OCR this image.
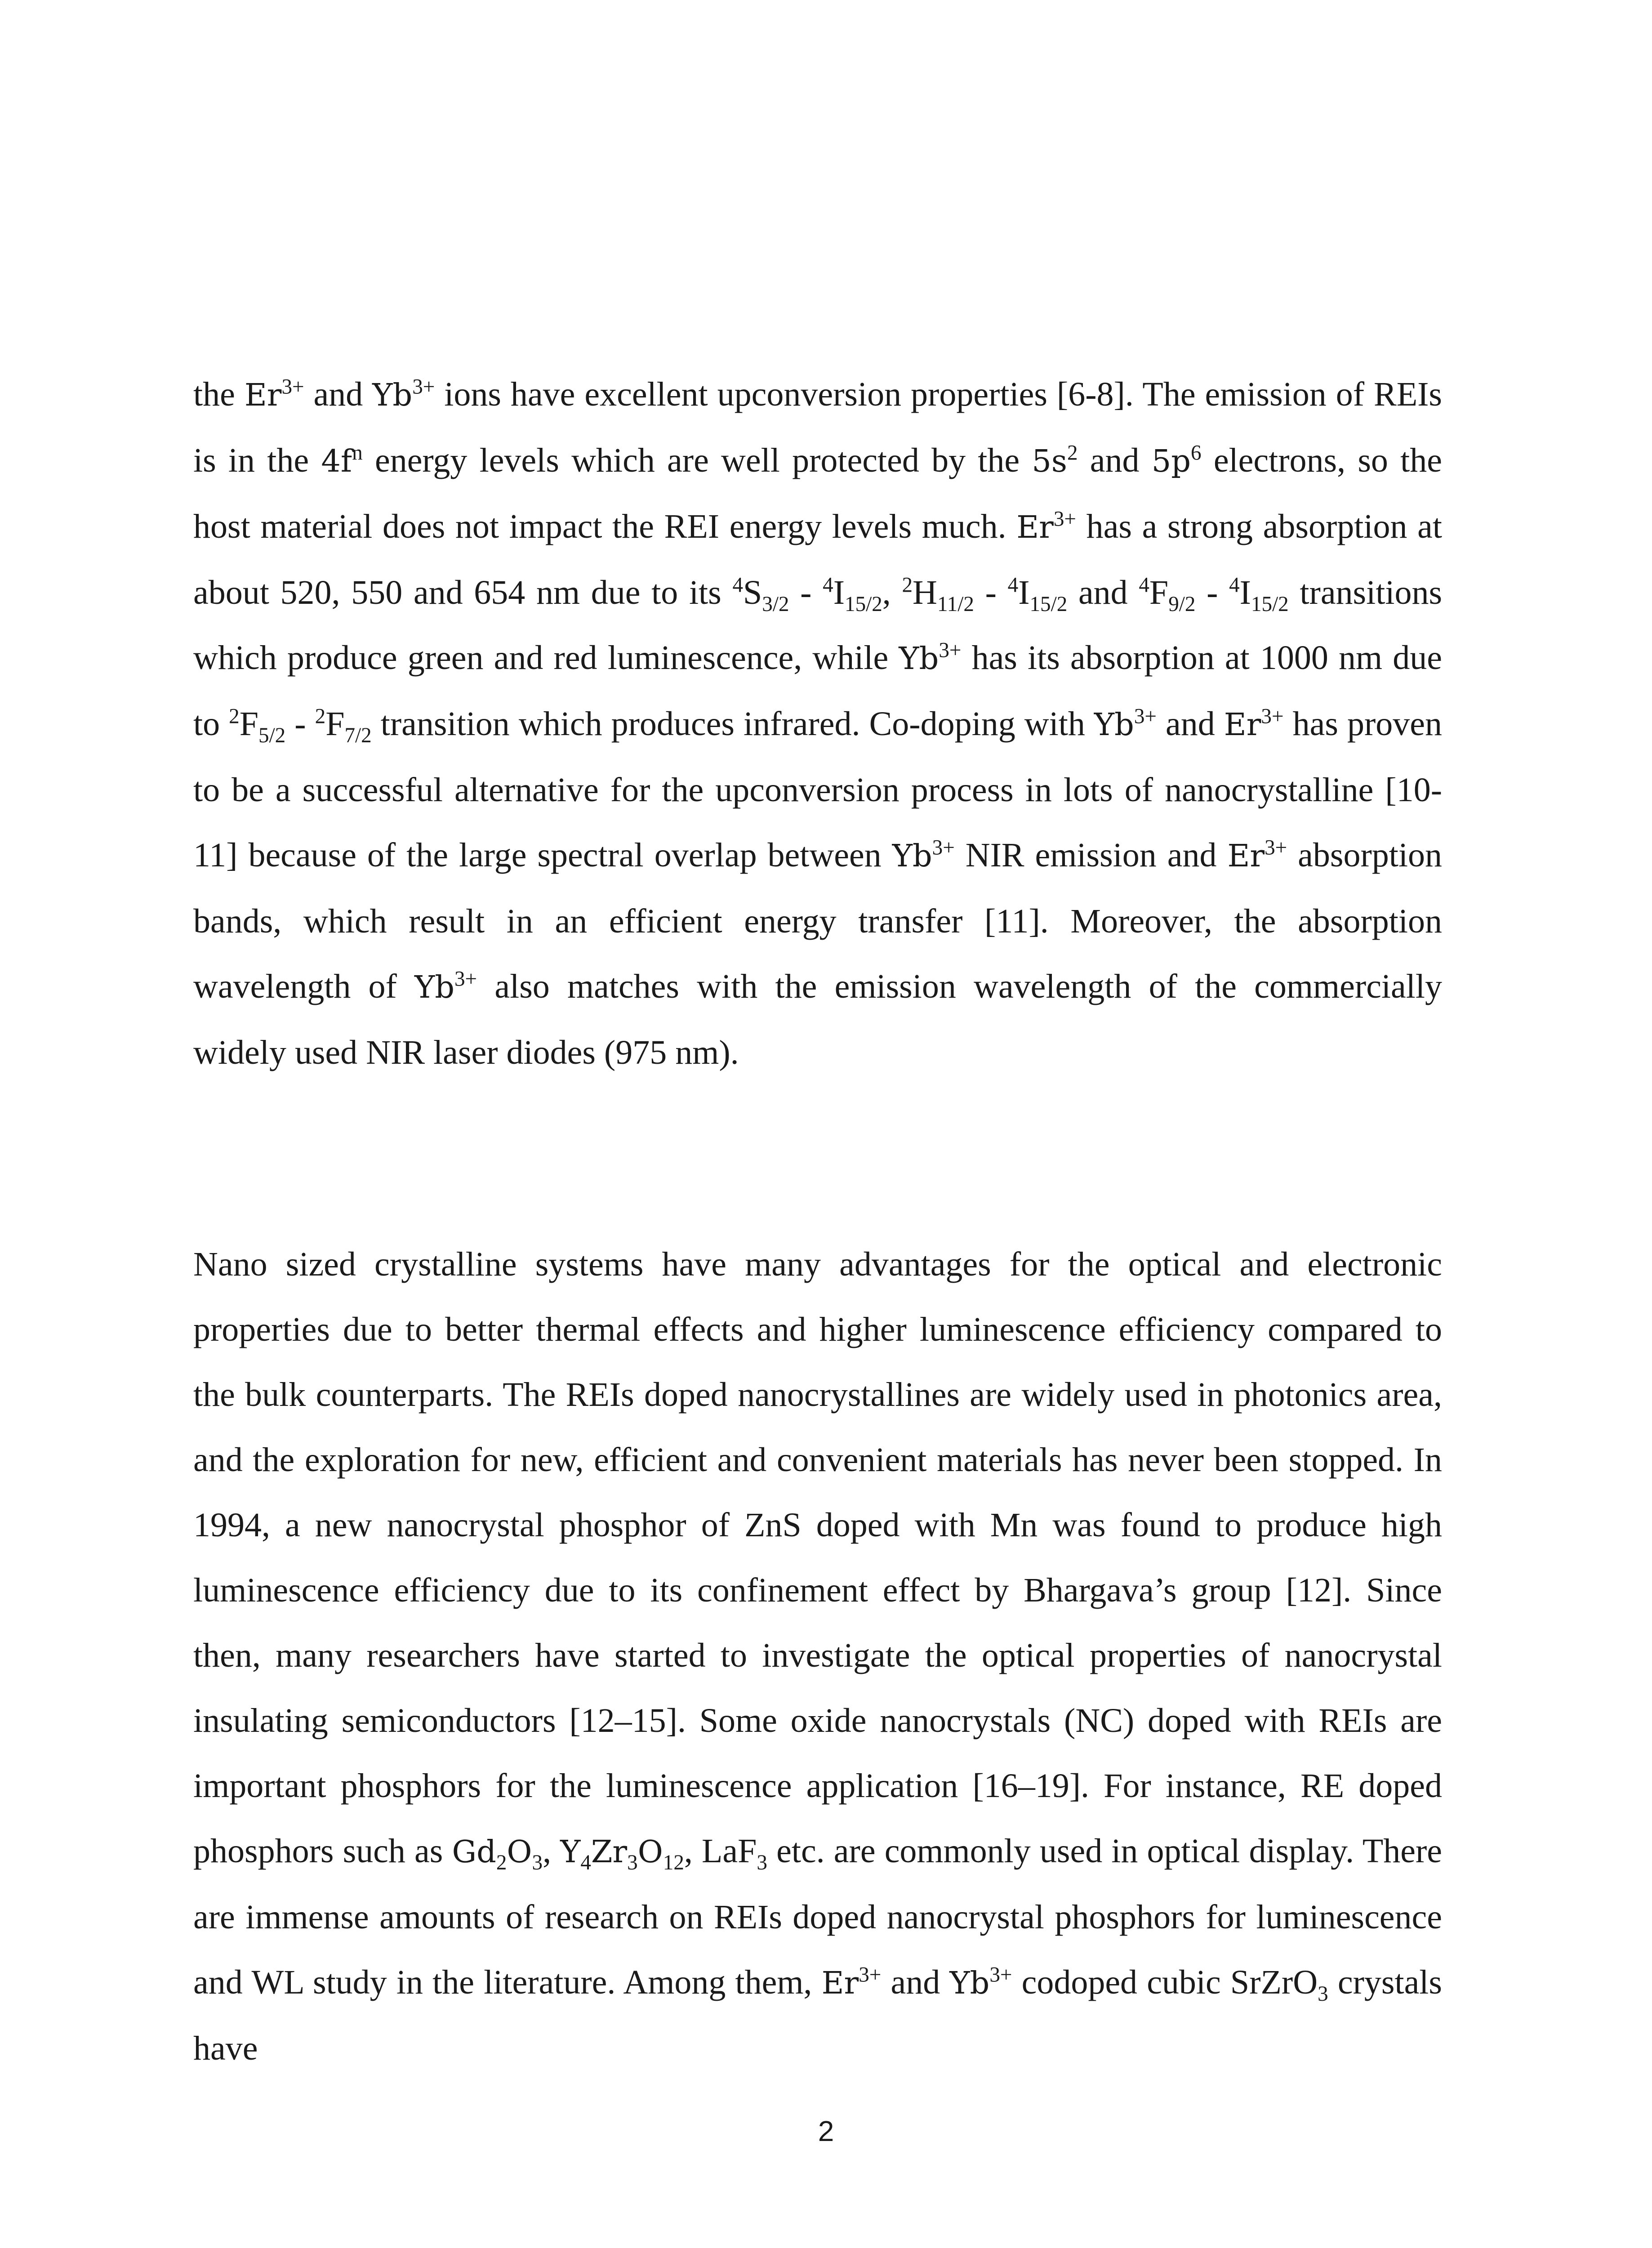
the $Er^{3+}$ and $Yb^{3+}$ ions have excellent upconversion properties [6-8]. The emission of REIs is in the $4f^n$ energy levels which are well protected by the $5s^2$ and $5p^6$ electrons, so the host material does not impact the REI energy levels much. $Er^{3+}$ has a strong absorption at about 520, 550 and 654 nm due to its $^4S_{3/2} - ^4I_{15/2}$, $^2H_{11/2} - ^4I_{15/2}$ and $^4F_{9/2} - ^4I_{15/2}$ transitions which produce green and red luminescence, while $Yb^{3+}$ has its absorption at 1000 nm due to $^2F_{5/2} - ^2F_{7/2}$ transition which produces infrared. Co-doping with $Yb^{3+}$ and $Er^{3+}$ has proven to be a successful alternative for the upconversion process in lots of nanocrystalline [10-11] because of the large spectral overlap between $Yb^{3+}$ NIR emission and $Er^{3+}$ absorption bands, which result in an efficient energy transfer [11]. Moreover, the absorption wavelength of $Yb^{3+}$ also matches with the emission wavelength of the commercially widely used NIR laser diodes (975 nm).

Nano sized crystalline systems have many advantages for the optical and electronic properties due to better thermal effects and higher luminescence efficiency compared to the bulk counterparts. The REIs doped nanocrystallines are widely used in photonics area, and the exploration for new, efficient and convenient materials has never been stopped. In 1994, a new nanocrystal phosphor of ZnS doped with Mn was found to produce high luminescence efficiency due to its confinement effect by Bhargava’s group [12]. Since then, many researchers have started to investigate the optical properties of nanocrystal insulating semiconductors [12–15]. Some oxide nanocrystals (NC) doped with REIs are important phosphors for the luminescence application [16–19]. For instance, RE doped phosphors such as $Gd_2O_3$, $Y_4Zr_3O_{12}$, LaF$_3$ etc. are commonly used in optical display. There are immense amounts of research on REIs doped nanocrystal phosphors for luminescence and WL study in the literature. Among them, $Er^{3+}$ and $Yb^{3+}$ codoped cubic SrZrO$_3$ crystals have

2
